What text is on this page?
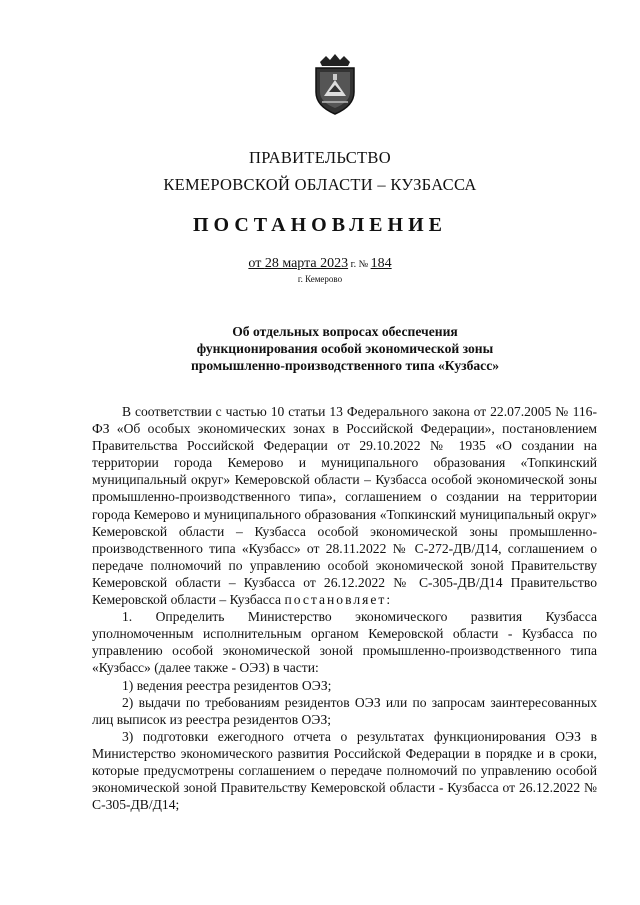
ПРАВИТЕЛЬСТВО
КЕМЕРОВСКОЙ ОБЛАСТИ – КУЗБАССА
ПОСТАНОВЛЕНИЕ
от 28 марта 2023 г. № 184
г. Кемерово
Об отдельных вопросах обеспечения
функционирования особой экономической зоны
промышленно-производственного типа «Кузбасс»

В соответствии с частью 10 статьи 13 Федерального закона от 22.07.2005 № 116-ФЗ «Об особых экономических зонах в Российской Федерации», постановлением Правительства Российской Федерации от 29.10.2022 № 1935 «О создании на территории города Кемерово и муниципального образования «Топкинский муниципальный округ» Кемеровской области – Кузбасса особой экономической зоны промышленно-производственного типа», соглашением о создании на территории города Кемерово и муниципального образования «Топкинский муниципальный округ» Кемеровской области – Кузбасса особой экономической зоны промышленно-производственного типа «Кузбасс» от 28.11.2022 № С-272-ДВ/Д14, соглашением о передаче полномочий по управлению особой экономической зоной Правительству Кемеровской области – Кузбасса от 26.12.2022 № С-305-ДВ/Д14 Правительство Кемеровской области – Кузбасса постановляет:

1. Определить Министерство экономического развития Кузбасса уполномоченным исполнительным органом Кемеровской области - Кузбасса по управлению особой экономической зоной промышленно-производственного типа «Кузбасс» (далее также - ОЭЗ) в части:

1) ведения реестра резидентов ОЭЗ;

2) выдачи по требованиям резидентов ОЭЗ или по запросам заинтересованных лиц выписок из реестра резидентов ОЭЗ;

3) подготовки ежегодного отчета о результатах функционирования ОЭЗ в Министерство экономического развития Российской Федерации в порядке и в сроки, которые предусмотрены соглашением о передаче полномочий по управлению особой экономической зоной Правительству Кемеровской области - Кузбасса от 26.12.2022 № С-305-ДВ/Д14;
